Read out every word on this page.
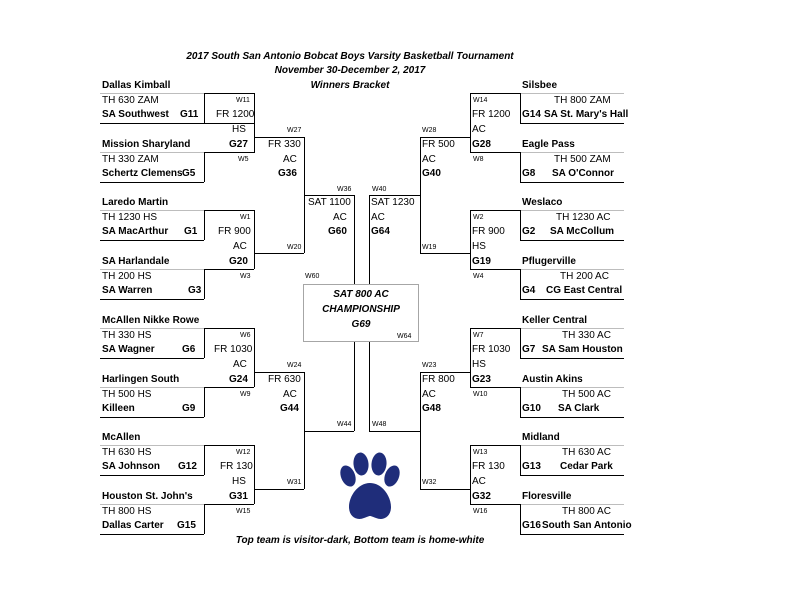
2017 South San Antonio Bobcat Boys Varsity Basketball Tournament
November 30-December 2, 2017
Winners Bracket
Dallas Kimball
TH 630 ZAM	W11
SA Southwest G11 FR 1200
HS	W27
Mission Sharyland	G27
TH 330 ZAM	W5
Schertz Clemens G5
Laredo Martin
TH 1230 HS	W1
SA MacArthur G1 FR 900
AC	W20
SA Harlandale	G20
TH 200 HS	W3
SA Warren	G3
McAllen Nikke Rowe
TH 330 HS	W6
SA Wagner	G6 FR 1030
AC	W24
Harlingen South	G24
TH 500 HS	W9
Killeen	G9
McAllen
TH 630 HS	W12
SA Johnson G12 FR 130
HS	W31
Houston St. John's	G31
TH 800 HS	W15
Dallas Carter G15
FR 330
AC
G36
FR 630
AC
G44
W36
SAT 1100
AC
G60
W60
W44
Silsbee
TH 800 ZAM
W14
FR 1200 G14 SA St. Mary's Hall
AC
W28
G28	Eagle Pass
W8	TH 500 ZAM
G8 SA O'Connor
Weslaco
TH 1230 AC
W2
FR 900 G2 SA McCollum
HS
W19
G19	Pflugerville
W4	TH 200 AC
G4 CG East Central
Keller Central
TH 330 AC
W7
FR 1030 G7 SA Sam Houston
HS
W23
G23	Austin Akins
W10	TH 500 AC
G10 SA Clark
Midland
TH 630 AC
W13
FR 130 G13 Cedar Park
AC
W32
G32	Floresville
W16	TH 800 AC
G16 South San Antonio
FR 500
AC
G40
FR 800
AC
G48
W40
SAT 1230
AC
G64
W64
W48
SAT 800 AC
CHAMPIONSHIP
G69
Top team is visitor-dark, Bottom team is home-white
